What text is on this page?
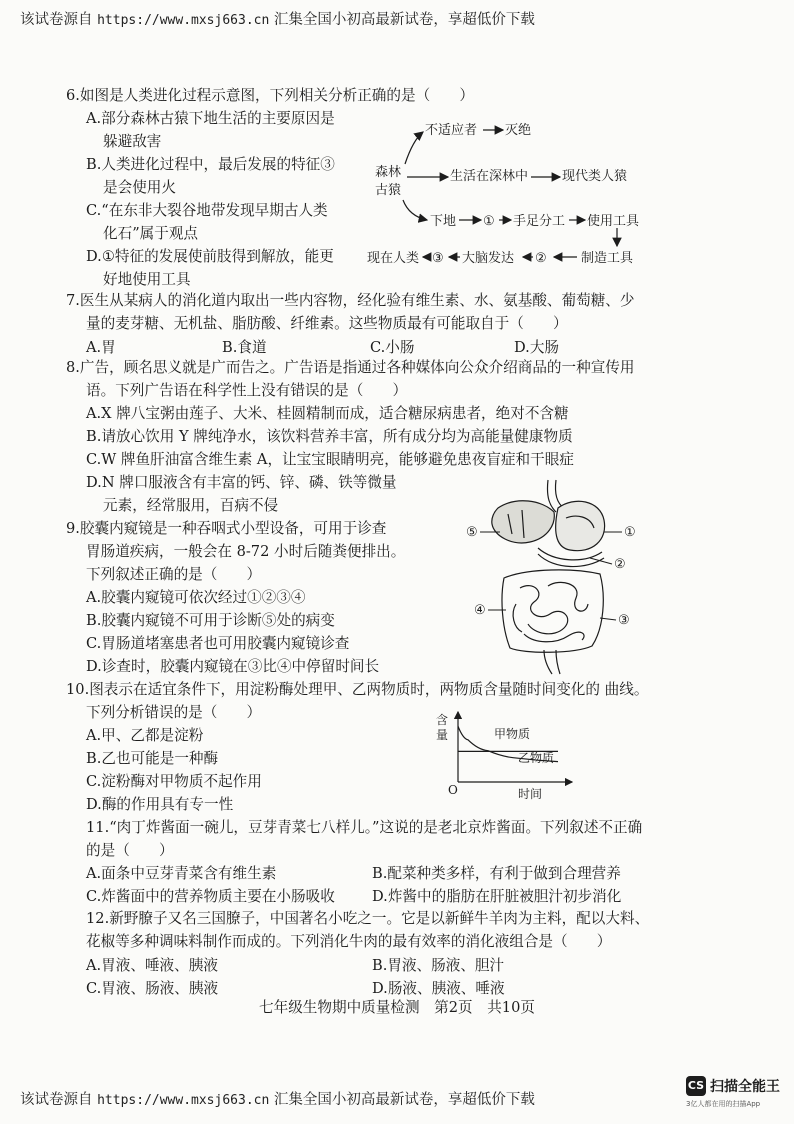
该试卷源自 https://www.mxsj663.cn 汇集全国小初高最新试卷，享超低价下载
6.如图是人类进化过程示意图，下列相关分析正确的是（　　）
A.部分森林古猿下地生活的主要原因是
躲避敌害
B.人类进化过程中，最后发展的特征③
是会使用火
C.“在东非大裂谷地带发现早期古人类
化石”属于观点
D.①特征的发展使前肢得到解放，能更
好地使用工具
森林
古猿
不适应者 灭绝
生活在深林中	现代类人猿
下地 ① 手足分工 使用工具
制造工具
②
大脑发达
③
现在人类
7.医生从某病人的消化道内取出一些内容物，经化验有维生素、水、氨基酸、葡萄糖、少
量的麦芽糖、无机盐、脂肪酸、纤维素。这些物质最有可能取自于（　　）
A.胃	B.食道	C.小肠	D.大肠
8.广告，顾名思义就是广而告之。广告语是指通过各种媒体向公众介绍商品的一种宣传用
语。下列广告语在科学性上没有错误的是（　　）
A.X 牌八宝粥由莲子、大米、桂圆精制而成，适合糖尿病患者，绝对不含糖
B.请放心饮用 Y 牌纯净水，该饮料营养丰富，所有成分均为高能量健康物质
C.W 牌鱼肝油富含维生素 A，让宝宝眼睛明亮，能够避免患夜盲症和干眼症
D.N 牌口服液含有丰富的钙、锌、磷、铁等微量
元素，经常服用，百病不侵
9.胶囊内窥镜是一种吞咽式小型设备，可用于诊查
胃肠道疾病，一般会在 8-72 小时后随粪便排出。
下列叙述正确的是（　　）
A.胶囊内窥镜可依次经过①②③④
B.胶囊内窥镜不可用于诊断⑤处的病变
C.胃肠道堵塞患者也可用胶囊内窥镜诊查
D.诊查时，胶囊内窥镜在③比④中停留时间长
⑤	①
②
④
③
10.图表示在适宜条件下，用淀粉酶处理甲、乙两物质时，两物质含量随时间变化的 曲线。
下列分析错误的是（　　）
A.甲、乙都是淀粉
B.乙也可能是一种酶
C.淀粉酶对甲物质不起作用
D.酶的作用具有专一性
含 量
时间
O
甲物质
乙物质
11.“肉丁炸酱面一碗儿，豆芽青菜七八样儿。”这说的是老北京炸酱面。下列叙述不正确
的是（　　）
A.面条中豆芽青菜含有维生素	B.配菜种类多样，有利于做到合理营养
C.炸酱面中的营养物质主要在小肠吸收	D.炸酱中的脂肪在肝脏被胆汁初步消化
12.新野膫子又名三国膫子，中国著名小吃之一。它是以新鲜牛羊肉为主料，配以大料、
花椒等多种调味料制作而成的。下列消化牛肉的最有效率的消化液组合是（　　）
A.胃液、唾液、胰液	B.胃液、肠液、胆汁
C.胃液、肠液、胰液	D.肠液、胰液、唾液
七年级生物期中质量检测　第2页　共10页
该试卷源自 https://www.mxsj663.cn 汇集全国小初高最新试卷，享超低价下载
CS 扫描全能王
3亿人都在用的扫描App
